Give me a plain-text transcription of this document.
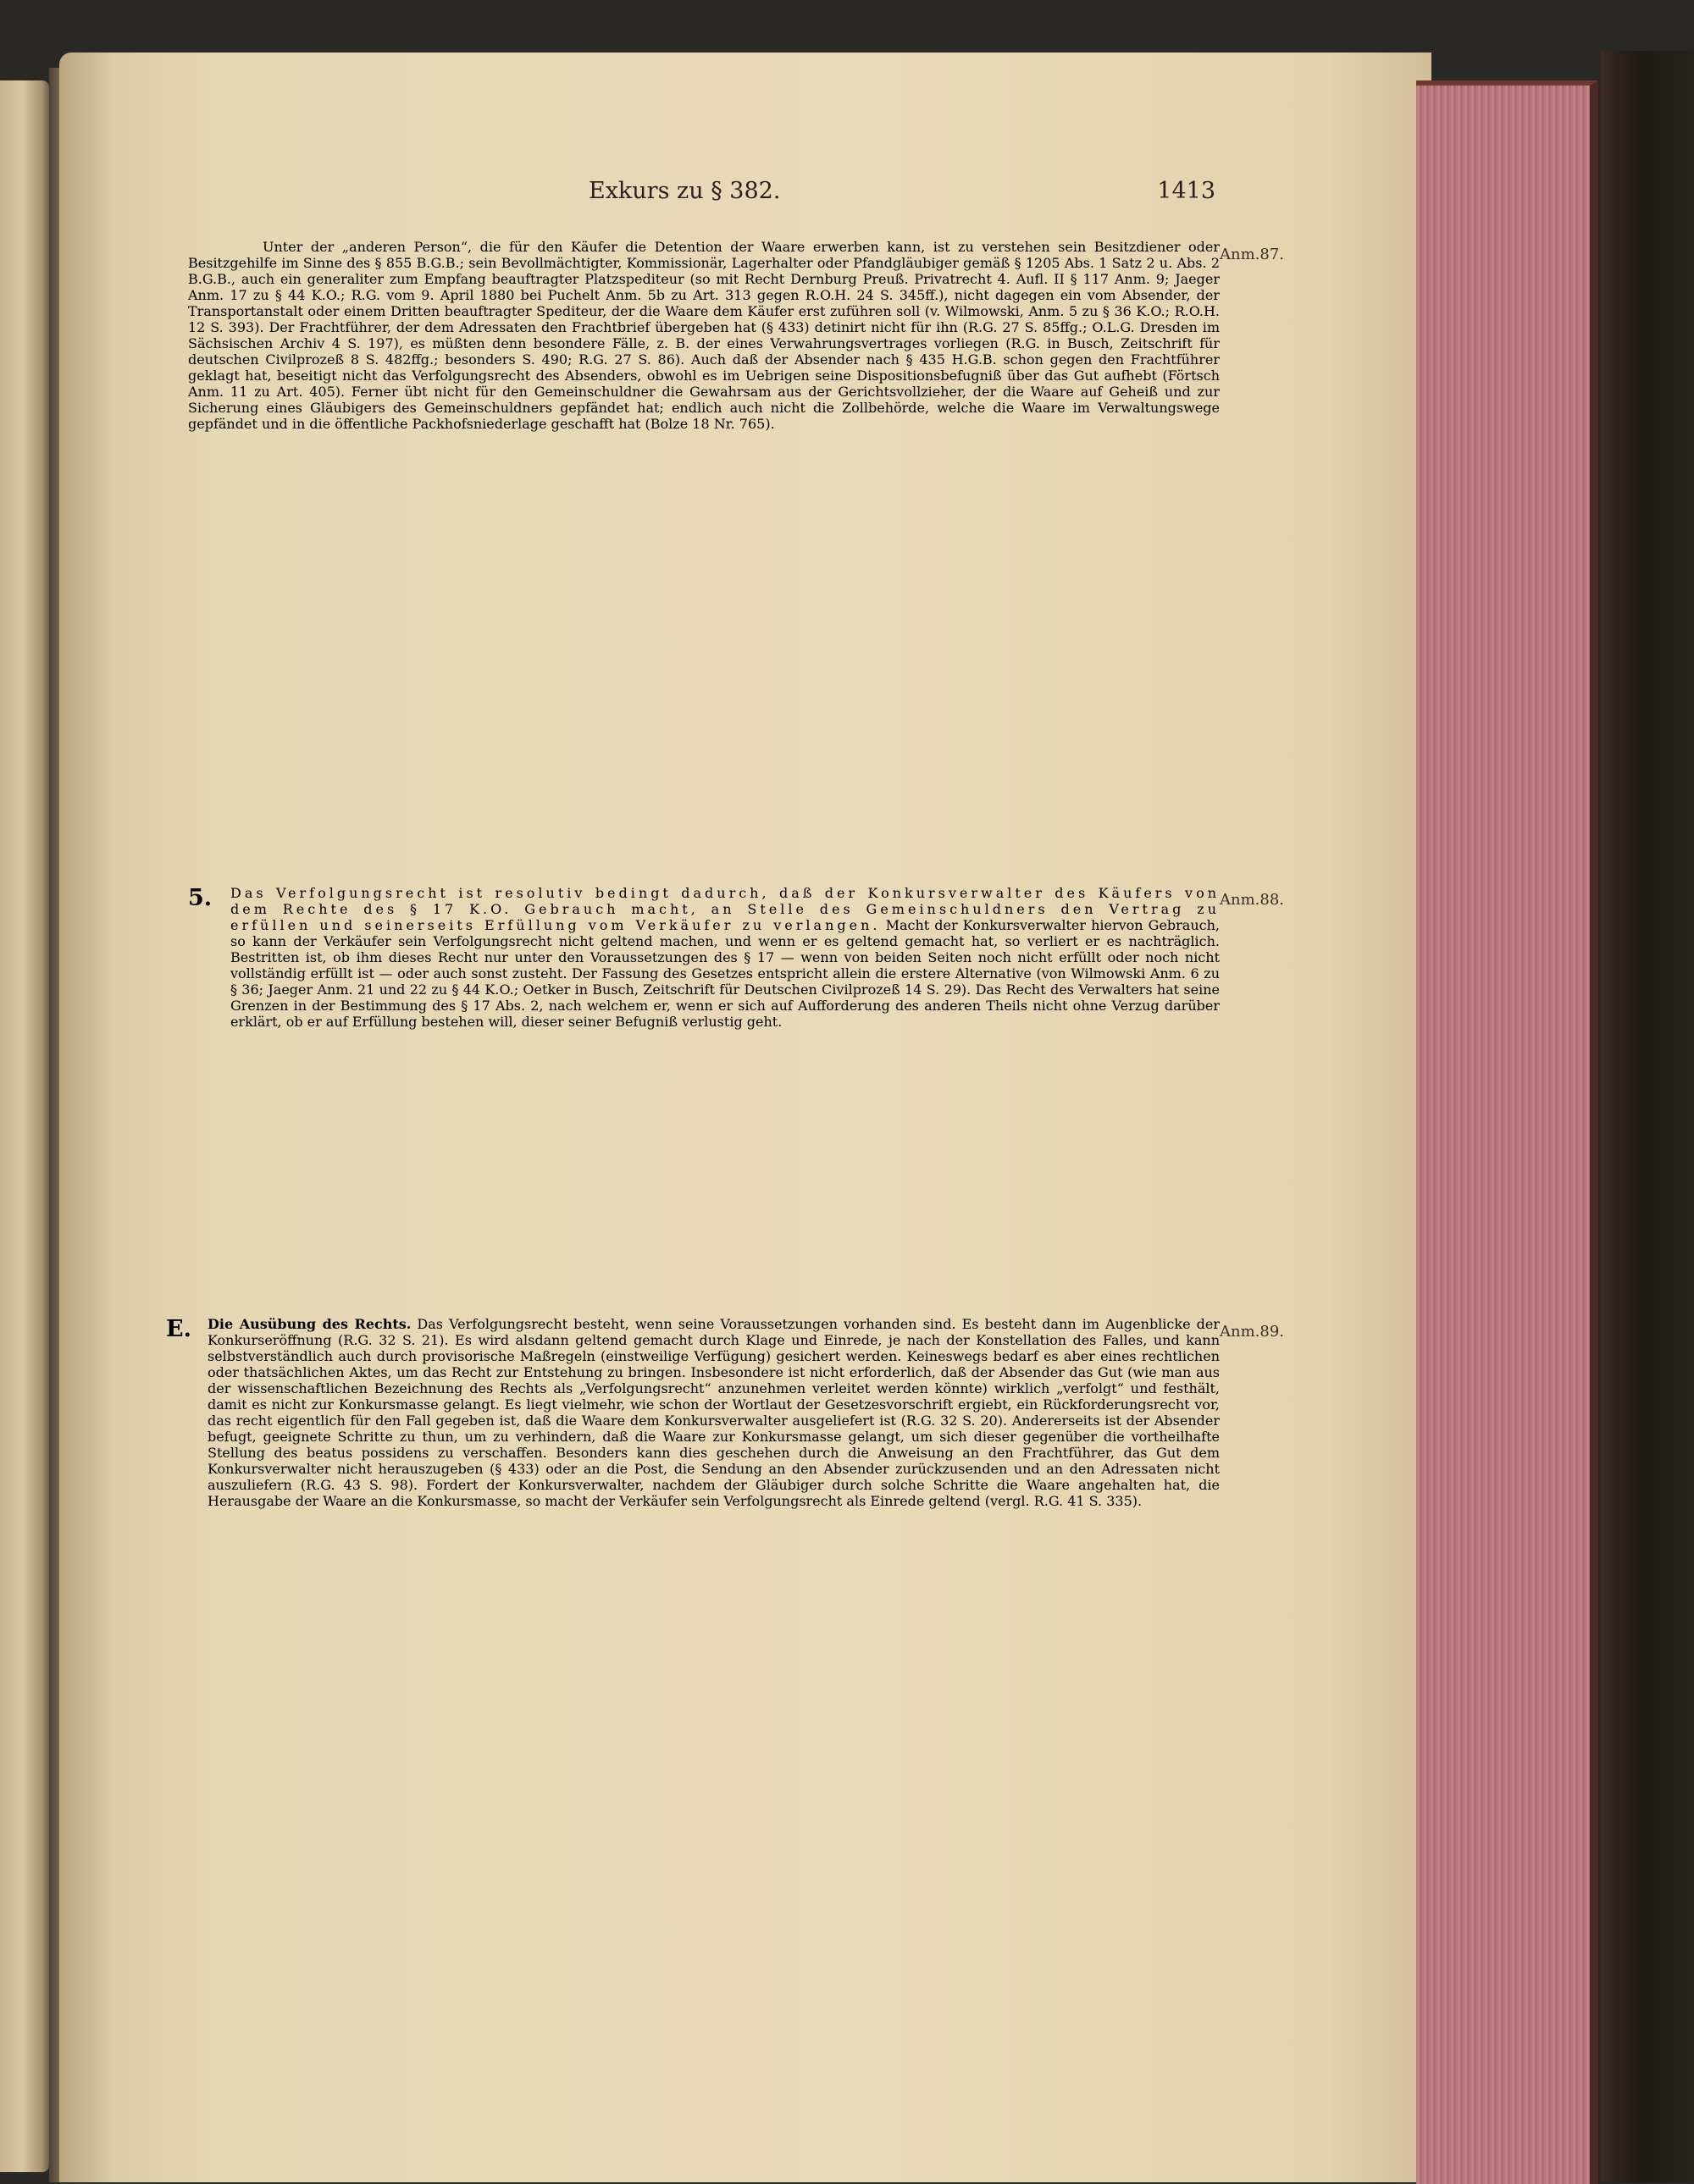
Exkurs zu § 382.	1413

Unter der „anderen Person“, die für den Käufer die Detention der Waare erwerben kann, ist zu verstehen sein Besitzdiener oder Besitzgehilfe im Sinne des § 855 B.G.B.; sein Bevollmächtigter, Kommissionär, Lagerhalter oder Pfandgläubiger gemäß § 1205 Abs. 1 Satz 2 u. Abs. 2 B.G.B., auch ein generaliter zum Empfang beauftragter Platzspediteur (so mit Recht Dernburg Preuß. Privatrecht 4. Aufl. II § 117 Anm. 9; Jaeger Anm. 17 zu § 44 K.O.; R.G. vom 9. April 1880 bei Puchelt Anm. 5b zu Art. 313 gegen R.O.H. 24 S. 345ff.), nicht dagegen ein vom Absender, der Transportanstalt oder einem Dritten beauftragter Spediteur, der die Waare dem Käufer erst zuführen soll (v. Wilmowski, Anm. 5 zu § 36 K.O.; R.O.H. 12 S. 393). Der Frachtführer, der dem Adressaten den Frachtbrief übergeben hat (§ 433) detinirt nicht für ihn (R.G. 27 S. 85ffg.; O.L.G. Dresden im Sächsischen Archiv 4 S. 197), es müßten denn besondere Fälle, z. B. der eines Verwahrungsvertrages vorliegen (R.G. in Busch, Zeitschrift für deutschen Civilprozeß 8 S. 482ffg.; besonders S. 490; R.G. 27 S. 86). Auch daß der Absender nach § 435 H.G.B. schon gegen den Frachtführer geklagt hat, beseitigt nicht das Verfolgungsrecht des Absenders, obwohl es im Uebrigen seine Dispositionsbefugniß über das Gut aufhebt (Förtsch Anm. 11 zu Art. 405). Ferner übt nicht für den Gemeinschuldner die Gewahrsam aus der Gerichtsvollzieher, der die Waare auf Geheiß und zur Sicherung eines Gläubigers des Gemeinschuldners gepfändet hat; endlich auch nicht die Zollbehörde, welche die Waare im Verwaltungswege gepfändet und in die öffentliche Packhofsniederlage geschafft hat (Bolze 18 Nr. 765).

Anm.87.
5. Das Verfolgungsrecht ist resolutiv bedingt dadurch, daß der Konkursverwalter des Käufers von dem Rechte des § 17 K.O. Gebrauch macht, an Stelle des Gemeinschuldners den Vertrag zu erfüllen und seinerseits Erfüllung vom Verkäufer zu verlangen. Macht der Konkursverwalter hiervon Gebrauch, so kann der Verkäufer sein Verfolgungsrecht nicht geltend machen, und wenn er es geltend gemacht hat, so verliert er es nachträglich. Bestritten ist, ob ihm dieses Recht nur unter den Voraussetzungen des § 17 — wenn von beiden Seiten noch nicht erfüllt oder noch nicht vollständig erfüllt ist — oder auch sonst zusteht. Der Fassung des Gesetzes entspricht allein die erstere Alternative (von Wilmowski Anm. 6 zu § 36; Jaeger Anm. 21 und 22 zu § 44 K.O.; Oetker in Busch, Zeitschrift für Deutschen Civilprozeß 14 S. 29). Das Recht des Verwalters hat seine Grenzen in der Bestimmung des § 17 Abs. 2, nach welchem er, wenn er sich auf Aufforderung des anderen Theils nicht ohne Verzug darüber erklärt, ob er auf Erfüllung bestehen will, dieser seiner Befugniß verlustig geht.

Anm.88.
E. Die Ausübung des Rechts. Das Verfolgungsrecht besteht, wenn seine Voraussetzungen vorhanden sind. Es besteht dann im Augenblicke der Konkurseröffnung (R.G. 32 S. 21). Es wird alsdann geltend gemacht durch Klage und Einrede, je nach der Konstellation des Falles, und kann selbstverständlich auch durch provisorische Maßregeln (einstweilige Verfügung) gesichert werden. Keineswegs bedarf es aber eines rechtlichen oder thatsächlichen Aktes, um das Recht zur Entstehung zu bringen. Insbesondere ist nicht erforderlich, daß der Absender das Gut (wie man aus der wissenschaftlichen Bezeichnung des Rechts als „Verfolgungsrecht“ anzunehmen verleitet werden könnte) wirklich „verfolgt“ und festhält, damit es nicht zur Konkursmasse gelangt. Es liegt vielmehr, wie schon der Wortlaut der Gesetzesvorschrift ergiebt, ein Rückforderungsrecht vor, das recht eigentlich für den Fall gegeben ist, daß die Waare dem Konkursverwalter ausgeliefert ist (R.G. 32 S. 20). Andererseits ist der Absender befugt, geeignete Schritte zu thun, um zu verhindern, daß die Waare zur Konkursmasse gelangt, um sich dieser gegenüber die vortheilhafte Stellung des beatus possidens zu verschaffen. Besonders kann dies geschehen durch die Anweisung an den Frachtführer, das Gut dem Konkursverwalter nicht herauszugeben (§ 433) oder an die Post, die Sendung an den Absender zurückzusenden und an den Adressaten nicht auszuliefern (R.G. 43 S. 98). Fordert der Konkursverwalter, nachdem der Gläubiger durch solche Schritte die Waare angehalten hat, die Herausgabe der Waare an die Konkursmasse, so macht der Verkäufer sein Verfolgungsrecht als Einrede geltend (vergl. R.G. 41 S. 335).

Anm.89.
